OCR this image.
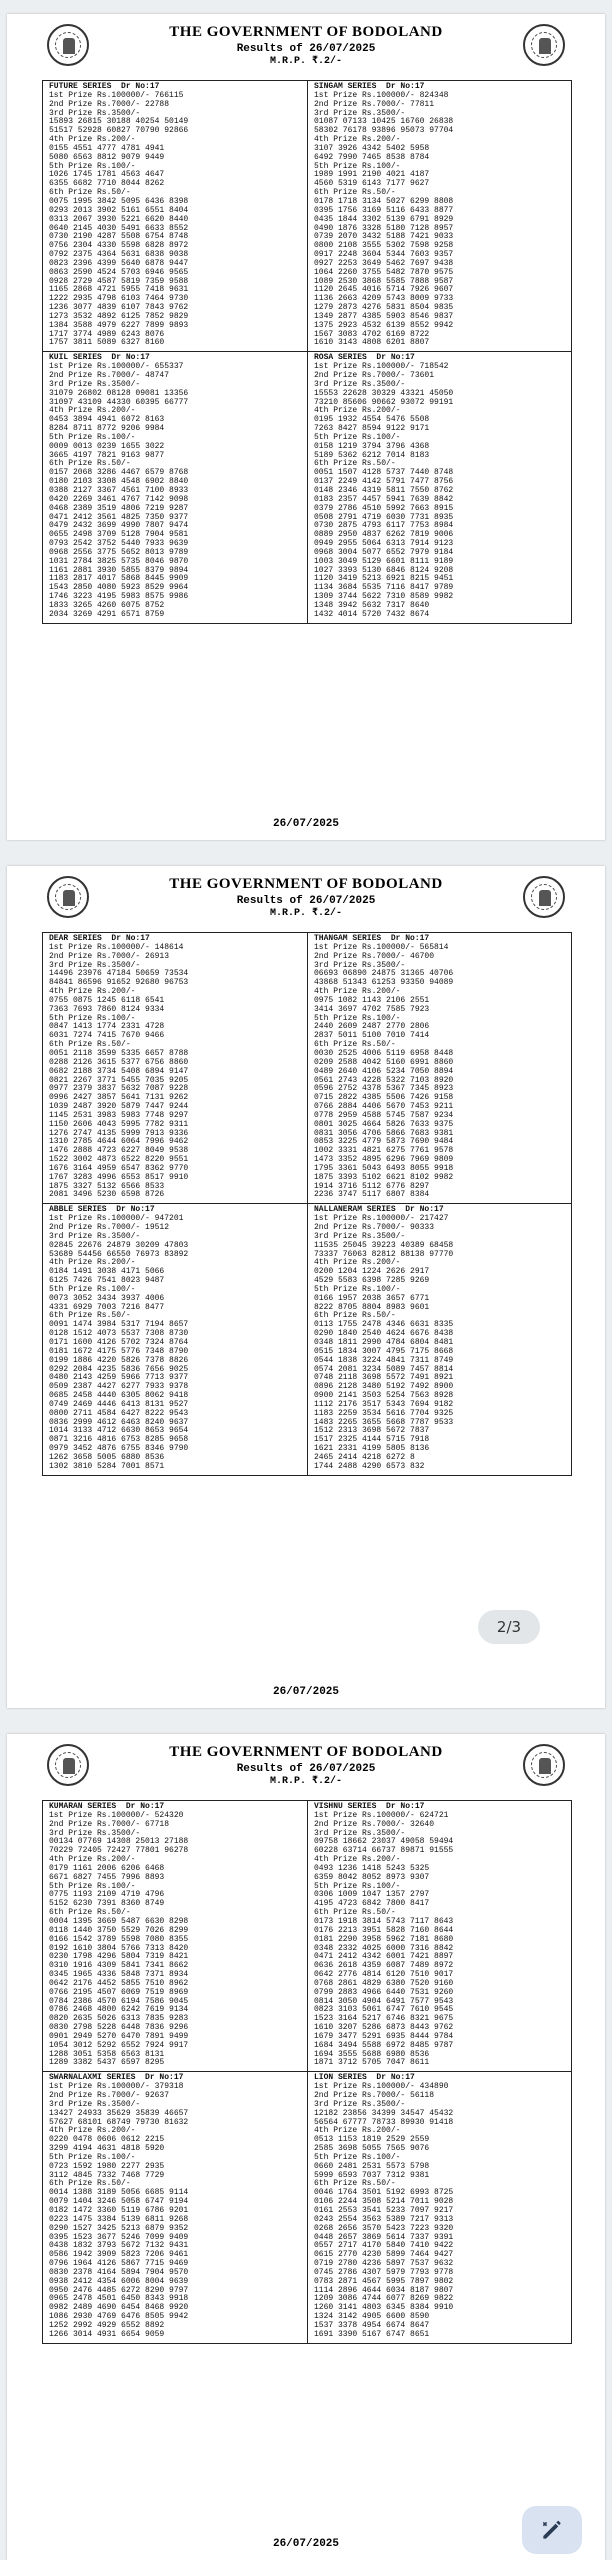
THE GOVERNMENT OF BODOLAND
Results of 26/07/2025
M.R.P. ₹.2/-
FUTURE SERIES  Dr No:17
1st Prize Rs.100000/- 766115
2nd Prize Rs.7000/- 22788
3rd Prize Rs.3500/-
15893 26815 30188 40254 50149
51517 52928 60827 70790 92866
4th Prize Rs.200/-
0155 4551 4777 4781 4941
5080 6563 8812 9079 9449
5th Prize Rs.100/-
1026 1745 1781 4563 4647
6355 6682 7710 8044 8262
6th Prize Rs.50/-
0075 1995 3842 5095 6436 8398
0293 2013 3902 5161 6551 8404
0313 2067 3930 5221 6620 8440
0640 2145 4030 5491 6633 8552
0730 2190 4287 5508 6754 8748
0756 2304 4330 5598 6828 8972
0792 2375 4364 5631 6838 9038
0823 2396 4399 5640 6878 9447
0863 2590 4524 5703 6946 9565
0928 2729 4587 5819 7359 9588
1165 2868 4721 5955 7418 9631
1222 2935 4798 6103 7464 9730
1236 3077 4839 6107 7843 9762
1273 3532 4892 6125 7852 9829
1384 3588 4979 6227 7899 9893
1717 3774 4989 6243 8076
1757 3811 5089 6327 8160
SINGAM SERIES  Dr No:17
1st Prize Rs.100000/- 824348
2nd Prize Rs.7000/- 77811
3rd Prize Rs.3500/-
01087 07133 10425 16760 26838
58302 76178 93896 95073 97704
4th Prize Rs.200/-
3107 3926 4342 5402 5958
6492 7990 7465 8538 8784
5th Prize Rs.100/-
1989 1991 2190 4021 4187
4560 5319 6143 7177 9627
6th Prize Rs.50/-
0178 1718 3134 5027 6299 8808
0395 1756 3169 5116 6433 8877
0435 1844 3302 5139 6791 8929
0490 1876 3328 5180 7128 8957
0739 2070 3432 5188 7421 9033
0800 2108 3555 5302 7598 9258
0917 2248 3604 5344 7603 9357
0927 2253 3649 5462 7697 9438
1064 2260 3755 5482 7870 9575
1089 2530 3868 5585 7888 9587
1120 2645 4016 5714 7926 9607
1136 2663 4209 5743 8009 9733
1279 2873 4276 5831 8504 9835
1349 2877 4385 5903 8546 9837
1375 2923 4532 6139 8552 9942
1567 3083 4702 6169 8722
1610 3143 4808 6201 8807
KUIL SERIES  Dr No:17
1st Prize Rs.100000/- 655337
2nd Prize Rs.7000/- 48747
3rd Prize Rs.3500/-
31079 26802 08128 09081 13356
31097 43109 44330 60395 66777
4th Prize Rs.200/-
0453 3894 4941 6072 8163
8284 8711 8772 9206 9984
5th Prize Rs.100/-
0009 0013 0239 1655 3022
3665 4197 7821 9163 9877
6th Prize Rs.50/-
0157 2068 3286 4467 6579 8768
0180 2103 3308 4548 6902 8840
0388 2127 3367 4561 7100 8933
0420 2269 3461 4767 7142 9098
0468 2389 3519 4806 7219 9287
0471 2412 3561 4825 7350 9377
0479 2432 3699 4990 7807 9474
0655 2498 3709 5128 7904 9581
0793 2542 3752 5440 7933 9639
0968 2556 3775 5652 8013 9789
1031 2784 3825 5735 8046 9870
1161 2881 3930 5855 8379 9894
1183 2817 4017 5868 8445 9909
1543 2850 4080 5923 8529 9964
1746 3223 4195 5983 8575 9986
1833 3265 4260 6075 8752
2034 3269 4291 6571 8759
ROSA SERIES  Dr No:17
1st Prize Rs.100000/- 718542
2nd Prize Rs.7000/- 73601
3rd Prize Rs.3500/-
15553 22628 30329 43321 45050
73210 85606 90662 93072 99191
4th Prize Rs.200/-
0195 1932 4554 5476 5508
7263 8427 8594 9122 9171
5th Prize Rs.100/-
0158 1219 3794 3796 4368
5189 5362 6212 7014 8183
6th Prize Rs.50/-
0051 1507 4128 5737 7440 8748
0137 2249 4142 5791 7477 8756
0148 2346 4319 5811 7550 8762
0183 2357 4457 5941 7639 8842
0379 2786 4510 5992 7663 8915
0508 2791 4719 6030 7731 8935
0730 2875 4793 6117 7753 8984
0889 2950 4837 6262 7819 9006
0949 2955 5064 6313 7914 9123
0968 3004 5077 6552 7979 9184
1003 3049 5129 6601 8111 9189
1027 3393 5130 6846 8124 9208
1120 3419 5213 6921 8215 9451
1134 3684 5535 7116 8417 9789
1309 3744 5622 7310 8589 9982
1348 3942 5632 7317 8640
1432 4014 5720 7432 8674
26/07/2025
THE GOVERNMENT OF BODOLAND
Results of 26/07/2025
M.R.P. ₹.2/-
DEAR SERIES  Dr No:17
1st Prize Rs.100000/- 148614
2nd Prize Rs.7000/- 26913
3rd Prize Rs.3500/-
14496 23976 47184 50659 73534
84841 86596 91652 92680 96753
4th Prize Rs.200/-
0755 0875 1245 6118 6541
7363 7693 7860 8124 9334
5th Prize Rs.100/-
0847 1413 1774 2331 4728
6031 7274 7415 7670 9466
6th Prize Rs.50/-
0051 2118 3599 5335 6657 8788
0288 2126 3615 5377 6756 8860
0682 2188 3734 5408 6894 9147
0821 2267 3771 5455 7035 9205
0977 2379 3837 5632 7087 9228
0996 2427 3857 5641 7131 9262
1039 2487 3920 5879 7447 9244
1145 2531 3983 5983 7748 9297
1150 2606 4043 5995 7782 9311
1276 2747 4135 5999 7913 9336
1310 2785 4644 6064 7996 9462
1476 2888 4723 6227 8049 9538
1522 3002 4873 6522 8220 9551
1676 3164 4959 6547 8362 9770
1767 3283 4996 6553 8517 9910
1875 3327 5132 6566 8533
2081 3496 5230 6598 8726
THANGAM SERIES  Dr No:17
1st Prize Rs.100000/- 565814
2nd Prize Rs.7000/- 46700
3rd Prize Rs.3500/-
06693 06890 24875 31365 40706
43868 51343 61253 93350 94089
4th Prize Rs.200/-
0975 1082 1143 2106 2551
3414 3697 4702 7585 7923
5th Prize Rs.100/-
2440 2609 2487 2770 2806
2837 5011 5100 7010 7414
6th Prize Rs.50/-
0030 2525 4006 5119 6958 8448
0209 2588 4042 5160 6991 8860
0489 2640 4106 5234 7050 8894
0561 2743 4228 5322 7103 8920
0596 2752 4378 5367 7345 8923
0715 2822 4385 5506 7426 9158
0766 2884 4406 5670 7453 9211
0778 2959 4588 5745 7587 9234
0801 3025 4664 5826 7633 9375
0831 3056 4706 5866 7683 9381
0853 3225 4779 5873 7690 9484
1002 3331 4821 6275 7761 9578
1473 3352 4895 6296 7969 9809
1795 3361 5043 6493 8055 9918
1875 3393 5102 6621 8102 9982
1914 3716 5112 6776 8297
2236 3747 5117 6807 8384
ABBLE SERIES  Dr No:17
1st Prize Rs.100000/- 947201
2nd Prize Rs.7000/- 19512
3rd Prize Rs.3500/-
02845 22676 24879 30209 47803
53689 54456 66550 76973 83892
4th Prize Rs.200/-
0184 1491 3038 4171 5066
6125 7426 7541 8023 9487
5th Prize Rs.100/-
0073 3052 3434 3937 4006
4331 6929 7003 7216 8477
6th Prize Rs.50/-
0091 1474 3984 5317 7194 8657
0128 1512 4073 5537 7308 8730
0171 1600 4126 5702 7324 8764
0181 1672 4175 5776 7348 8790
0199 1886 4220 5826 7378 8826
0292 2084 4235 5836 7656 9025
0480 2143 4259 5966 7713 9377
0509 2387 4427 6277 7933 9378
0685 2458 4440 6305 8062 9418
0749 2469 4446 6413 8131 9527
0800 2711 4584 6427 8222 9543
0836 2999 4612 6463 8240 9637
1014 3133 4712 6630 8653 9654
0871 3216 4816 6753 8285 9658
0979 3452 4876 6755 8346 9790
1262 3658 5005 6880 8536
1302 3810 5284 7001 8571
NALLANERAM SERIES  Dr No:17
1st Prize Rs.100000/- 217427
2nd Prize Rs.7000/- 90333
3rd Prize Rs.3500/-
11535 25045 39223 40389 68458
73337 76063 82812 88138 97770
4th Prize Rs.200/-
0200 1204 1224 2626 2917
4529 5583 6398 7285 9269
5th Prize Rs.100/-
0166 1957 2038 3657 6771
8222 8705 8804 8983 9601
6th Prize Rs.50/-
0113 1755 2478 4346 6631 8335
0290 1840 2540 4624 6676 8438
0348 1811 2990 4784 6804 8481
0515 1834 3007 4795 7175 8668
0544 1838 3224 4841 7311 8749
0574 2081 3234 5089 7457 8814
0748 2118 3698 5572 7491 8921
0896 2128 3480 5192 7492 8900
0900 2141 3503 5254 7563 8928
1112 2176 3517 5343 7694 9182
1183 2259 3534 5616 7704 9325
1483 2265 3655 5668 7787 9533
1512 2313 3698 5672 7837
1517 2325 4144 5715 7918
1621 2331 4199 5805 8136
2465 2414 4218 6272 8
1744 2488 4290 6573 832
26/07/2025
THE GOVERNMENT OF BODOLAND
Results of 26/07/2025
M.R.P. ₹.2/-
KUMARAN SERIES  Dr No:17
1st Prize Rs.100000/- 524320
2nd Prize Rs.7000/- 67718
3rd Prize Rs.3500/-
00134 07769 14308 25013 27188
70229 72405 72427 77801 96278
4th Prize Rs.200/-
0179 1161 2006 6206 6468
6671 6827 7455 7996 8893
5th Prize Rs.100/-
0775 1193 2109 4719 4796
5152 6230 7391 8360 8749
6th Prize Rs.50/-
0004 1395 3669 5487 6630 8298
0118 1440 3750 5529 7026 8299
0166 1542 3789 5598 7080 8355
0192 1610 3804 5766 7313 8420
0230 1798 4296 5804 7319 8421
0310 1916 4309 5841 7341 8662
0345 1965 4336 5848 7371 8934
0642 2176 4452 5855 7510 8962
0766 2195 4507 6069 7519 8969
0784 2386 4570 6194 7586 9045
0786 2468 4800 6242 7619 9134
0820 2635 5026 6313 7835 9283
0830 2798 5228 6448 7836 9296
0901 2949 5270 6470 7891 9499
1054 3012 5292 6552 7924 9917
1288 3051 5358 6563 8131
1289 3382 5437 6597 8295
VISHNU SERIES  Dr No:17
1st Prize Rs.100000/- 624721
2nd Prize Rs.7000/- 32640
3rd Prize Rs.3500/-
09758 18662 23037 49058 59494
60228 63714 66737 89871 91555
4th Prize Rs.200/-
0493 1236 1418 5243 5325
6359 8042 8052 8973 9307
5th Prize Rs.100/-
0306 1009 1047 1357 2797
4195 4723 6842 7800 8417
6th Prize Rs.50/-
0173 1918 3814 5743 7117 8643
0176 2213 3951 5828 7160 8644
0181 2290 3958 5962 7181 8680
0348 2332 4025 6000 7316 8842
0471 2412 4342 6001 7421 8897
0636 2618 4359 6087 7489 8972
0642 2776 4814 6120 7510 9017
0768 2861 4829 6380 7520 9160
0799 2883 4966 6440 7531 9260
0814 3050 4904 6491 7577 9543
0823 3103 5061 6747 7610 9545
1523 3164 5217 6746 8321 9675
1610 3207 5286 6873 8443 9762
1679 3477 5291 6935 8444 9784
1684 3494 5588 6972 8485 9787
1694 3555 5688 6980 8536
1871 3712 5705 7047 8611
SWARNALAXMI SERIES  Dr No:17
1st Prize Rs.100000/- 379318
2nd Prize Rs.7000/- 92637
3rd Prize Rs.3500/-
13427 24933 35629 35839 46657
57627 68101 68749 79730 81632
4th Prize Rs.200/-
0220 0478 0606 0612 2215
3299 4194 4631 4818 5920
5th Prize Rs.100/-
0723 1592 1980 2277 2935
3112 4845 7332 7468 7729
6th Prize Rs.50/-
0014 1388 3189 5056 6685 9114
0079 1404 3246 5058 6747 9194
0182 1472 3360 5119 6786 9201
0223 1475 3384 5139 6811 9268
0290 1527 3425 5213 6879 9352
0395 1523 3677 5246 7099 9409
0438 1832 3793 5672 7132 9431
0586 1942 3909 5823 7206 9461
0796 1964 4126 5867 7715 9469
0830 2378 4164 5894 7904 9570
0938 2412 4354 6006 8004 9639
0950 2476 4485 6272 8290 9797
0965 2478 4501 6450 8343 9918
0982 2489 4690 6454 8468 9920
1086 2930 4769 6476 8505 9942
1252 2992 4929 6552 8892
1266 3014 4931 6654 9059
LION SERIES  Dr No:17
1st Prize Rs.100000/- 434890
2nd Prize Rs.7000/- 56118
3rd Prize Rs.3500/-
12182 23856 34399 34547 45432
56564 67777 78733 89930 91418
4th Prize Rs.200/-
0513 1153 1819 2529 2559
2585 3698 5055 7565 9076
5th Prize Rs.100/-
0660 2481 2531 5573 5798
5999 6593 7037 7312 9381
6th Prize Rs.50/-
0046 1764 3501 5192 6993 8725
0106 2244 3508 5214 7011 9028
0161 2553 3541 5233 7097 9217
0243 2554 3563 5389 7217 9313
0268 2656 3570 5423 7223 9320
0448 2657 3869 5614 7337 9391
0557 2717 4170 5840 7410 9422
0615 2770 4230 5899 7464 9427
0719 2780 4236 5897 7537 9632
0745 2786 4307 5979 7793 9778
0783 2871 4567 5995 7897 9802
1114 2896 4644 6034 8187 9807
1209 3086 4744 6077 8269 9822
1260 3141 4803 6345 8384 9910
1324 3142 4905 6600 8590
1537 3378 4954 6674 8647
1691 3390 5167 6747 8651
26/07/2025
2/3
